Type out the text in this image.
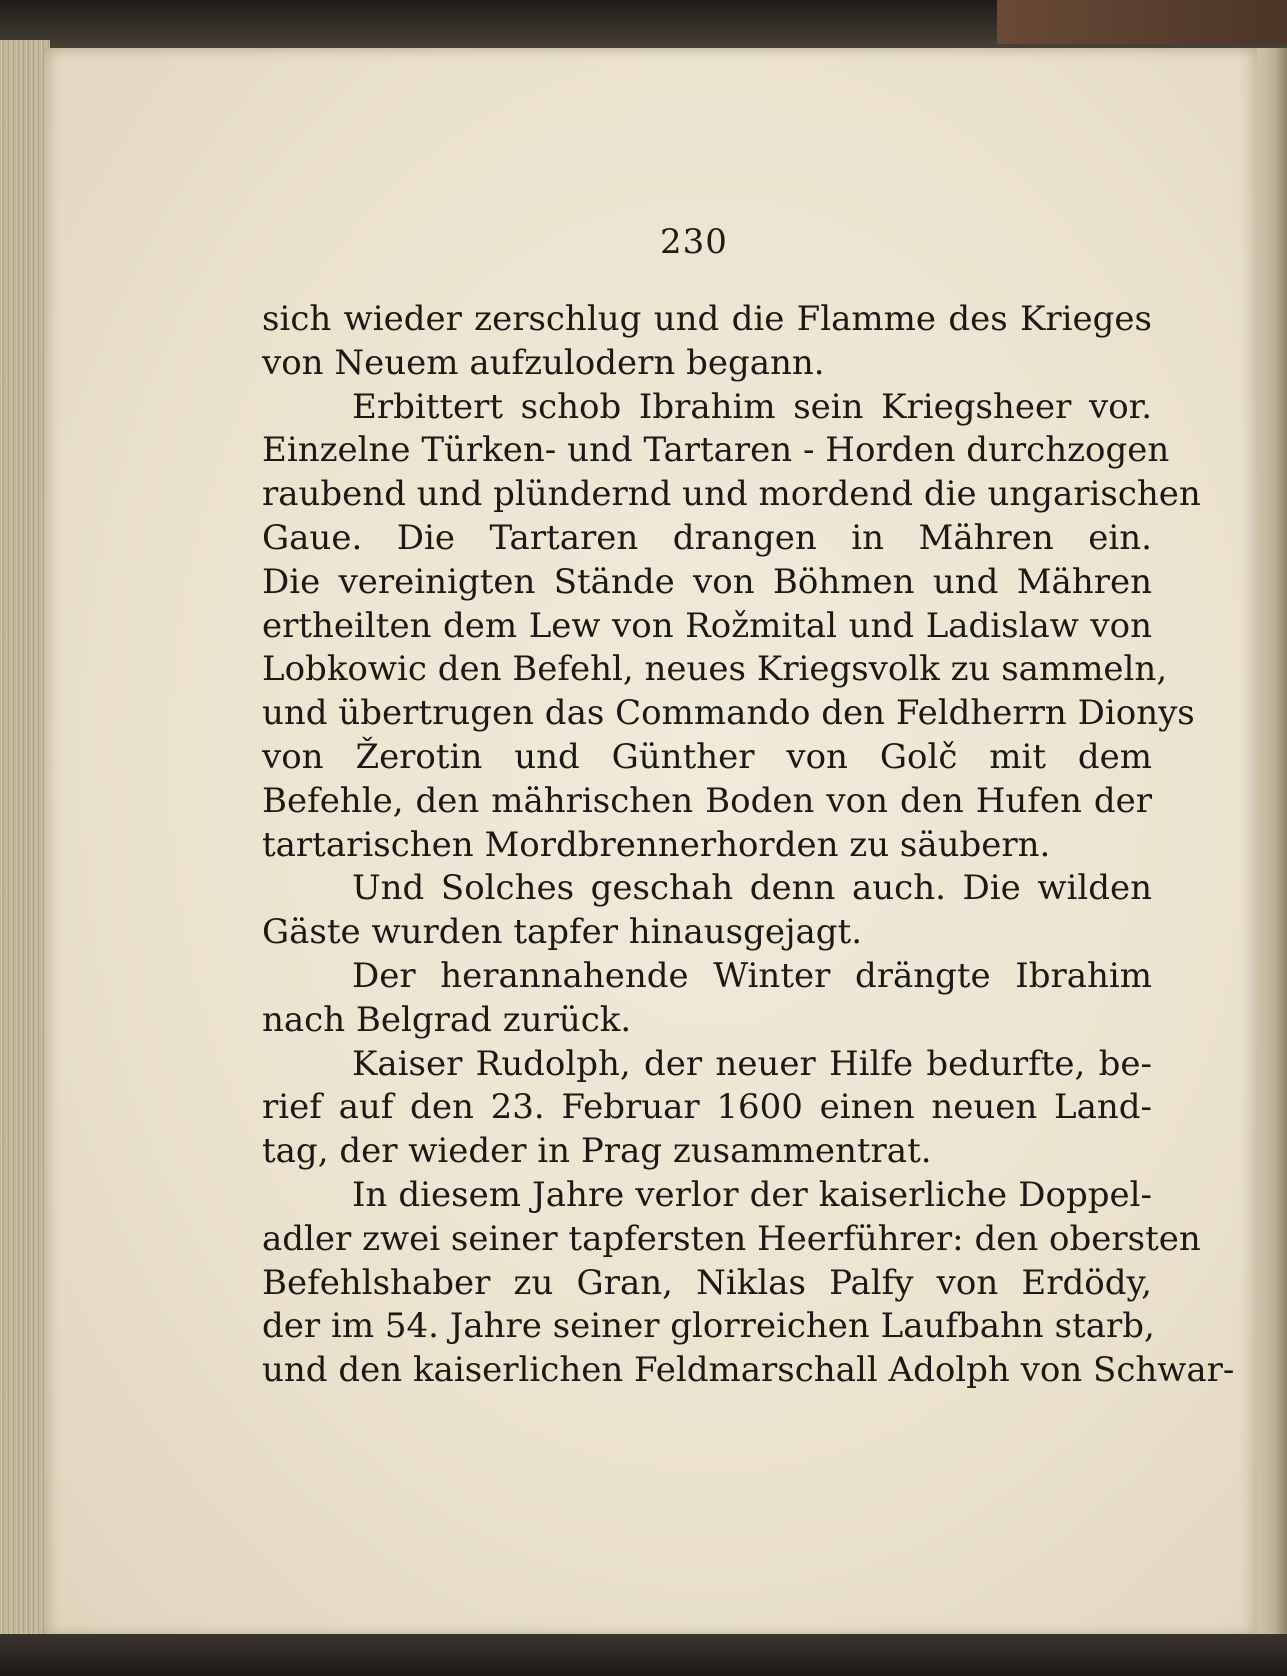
230
sich wieder zerschlug und die Flamme des Krieges
von Neuem aufzulodern begann.
Erbittert schob Ibrahim sein Kriegsheer vor.
Einzelne Türken- und Tartaren - Horden durchzogen
raubend und plündernd und mordend die ungarischen
Gaue. Die Tartaren drangen in Mähren ein.
Die vereinigten Stände von Böhmen und Mähren
ertheilten dem Lew von Rožmital und Ladislaw von
Lobkowic den Befehl, neues Kriegsvolk zu sammeln,
und übertrugen das Commando den Feldherrn Dionys
von Žerotin und Günther von Golč mit dem
Befehle, den mährischen Boden von den Hufen der
tartarischen Mordbrennerhorden zu säubern.
Und Solches geschah denn auch. Die wilden
Gäste wurden tapfer hinausgejagt.
Der herannahende Winter drängte Ibrahim
nach Belgrad zurück.
Kaiser Rudolph, der neuer Hilfe bedurfte, be-
rief auf den 23. Februar 1600 einen neuen Land-
tag, der wieder in Prag zusammentrat.
In diesem Jahre verlor der kaiserliche Doppel-
adler zwei seiner tapfersten Heerführer: den obersten
Befehlshaber zu Gran, Niklas Palfy von Erdödy,
der im 54. Jahre seiner glorreichen Laufbahn starb,
und den kaiserlichen Feldmarschall Adolph von Schwar-
